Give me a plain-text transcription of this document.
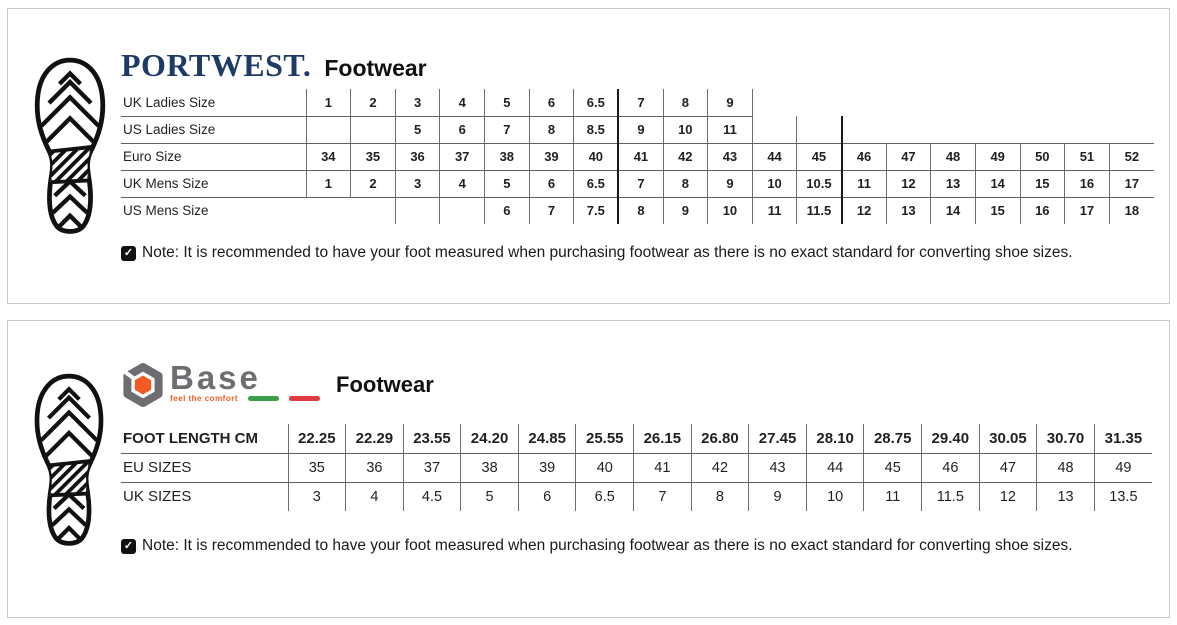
PORTWEST. Footwear
UK Ladies Size	1	2	3	4	5	6	6.5	7	8	9									
US Ladies Size			5	6	7	8	8.5	9	10	11									
Euro Size	34	35	36	37	38	39	40	41	42	43	44	45	46	47	48	49	50	51	52
UK Mens Size	1	2	3	4	5	6	6.5	7	8	9	10	10.5	11	12	13	14	15	16	17
US Mens Size					6	7	7.5	8	9	10	11	11.5	12	13	14	15	16	17	18
✓ Note: It is recommended to have your foot measured when purchasing footwear as there is no exact standard for converting shoe sizes.
Base
feel the comfort
Footwear
FOOT LENGTH CM	22.25	22.29	23.55	24.20	24.85	25.55	26.15	26.80	27.45	28.10	28.75	29.40	30.05	30.70	31.35
EU SIZES	35	36	37	38	39	40	41	42	43	44	45	46	47	48	49
UK SIZES	3	4	4.5	5	6	6.5	7	8	9	10	11	11.5	12	13	13.5
✓ Note: It is recommended to have your foot measured when purchasing footwear as there is no exact standard for converting shoe sizes.
